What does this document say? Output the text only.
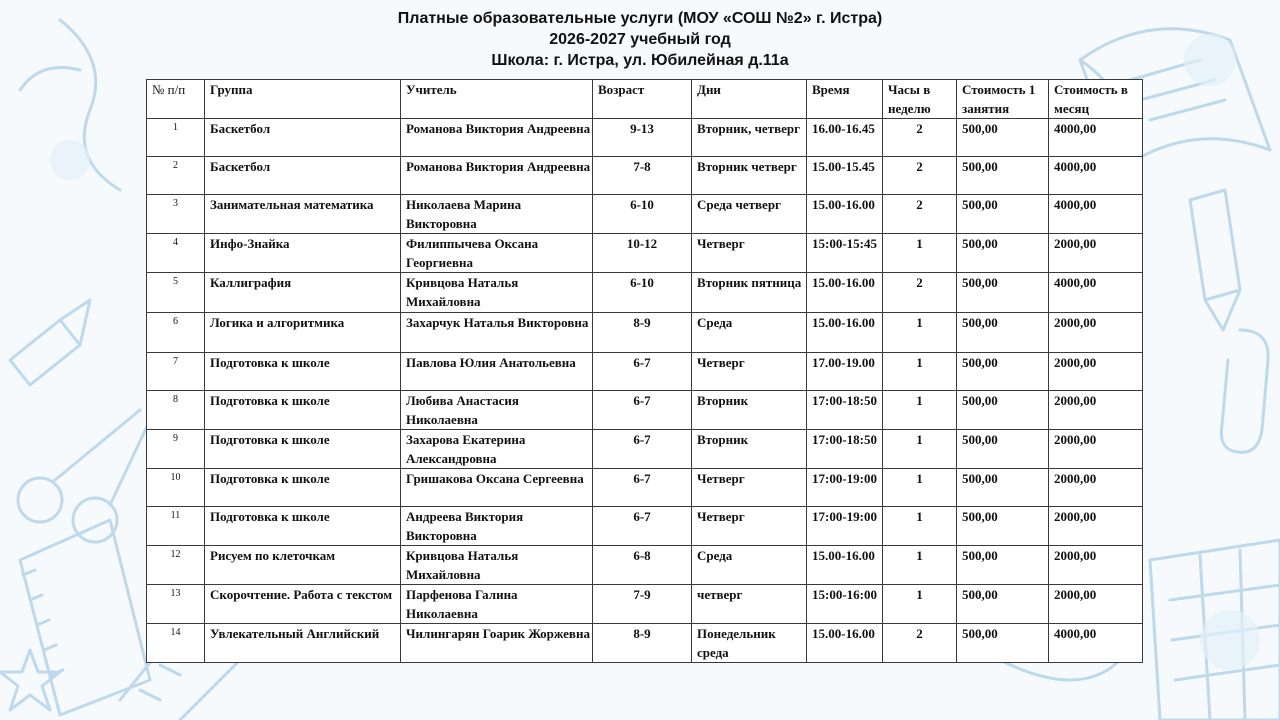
Платные образовательные услуги (МОУ «СОШ №2» г. Истра)
2026-2027 учебный год
Школа: г. Истра, ул. Юбилейная д.11а
№ п/п	Группа	Учитель	Возраст	Дни	Время	Часы в неделю	Стоимость 1 занятия	Стоимость в месяц
1	Баскетбол	Романова Виктория Андреевна	9-13	Вторник, четверг	16.00-16.45	2	500,00	4000,00
2	Баскетбол	Романова Виктория Андреевна	7-8	Вторник четверг	15.00-15.45	2	500,00	4000,00
3	Занимательная математика	Николаева Марина Викторовна	6-10	Среда четверг	15.00-16.00	2	500,00	4000,00
4	Инфо-Знайка	Филиппычева Оксана Георгиевна	10-12	Четверг	15:00-15:45	1	500,00	2000,00
5	Каллиграфия	Кривцова Наталья Михайловна	6-10	Вторник пятница	15.00-16.00	2	500,00	4000,00
6	Логика и алгоритмика	Захарчук Наталья Викторовна	8-9	Среда	15.00-16.00	1	500,00	2000,00
7	Подготовка к школе	Павлова Юлия Анатольевна	6-7	Четверг	17.00-19.00	1	500,00	2000,00
8	Подготовка к школе	Любива Анастасия Николаевна	6-7	Вторник	17:00-18:50	1	500,00	2000,00
9	Подготовка к школе	Захарова Екатерина Александровна	6-7	Вторник	17:00-18:50	1	500,00	2000,00
10	Подготовка к школе	Гришакова Оксана Сергеевна	6-7	Четверг	17:00-19:00	1	500,00	2000,00
11	Подготовка к школе	Андреева Виктория Викторовна	6-7	Четверг	17:00-19:00	1	500,00	2000,00
12	Рисуем по клеточкам	Кривцова Наталья Михайловна	6-8	Среда	15.00-16.00	1	500,00	2000,00
13	Скорочтение. Работа с текстом	Парфенова Галина Николаевна	7-9	четверг	15:00-16:00	1	500,00	2000,00
14	Увлекательный Английский	Чилингарян Гоарик Жоржевна	8-9	Понедельник среда	15.00-16.00	2	500,00	4000,00
